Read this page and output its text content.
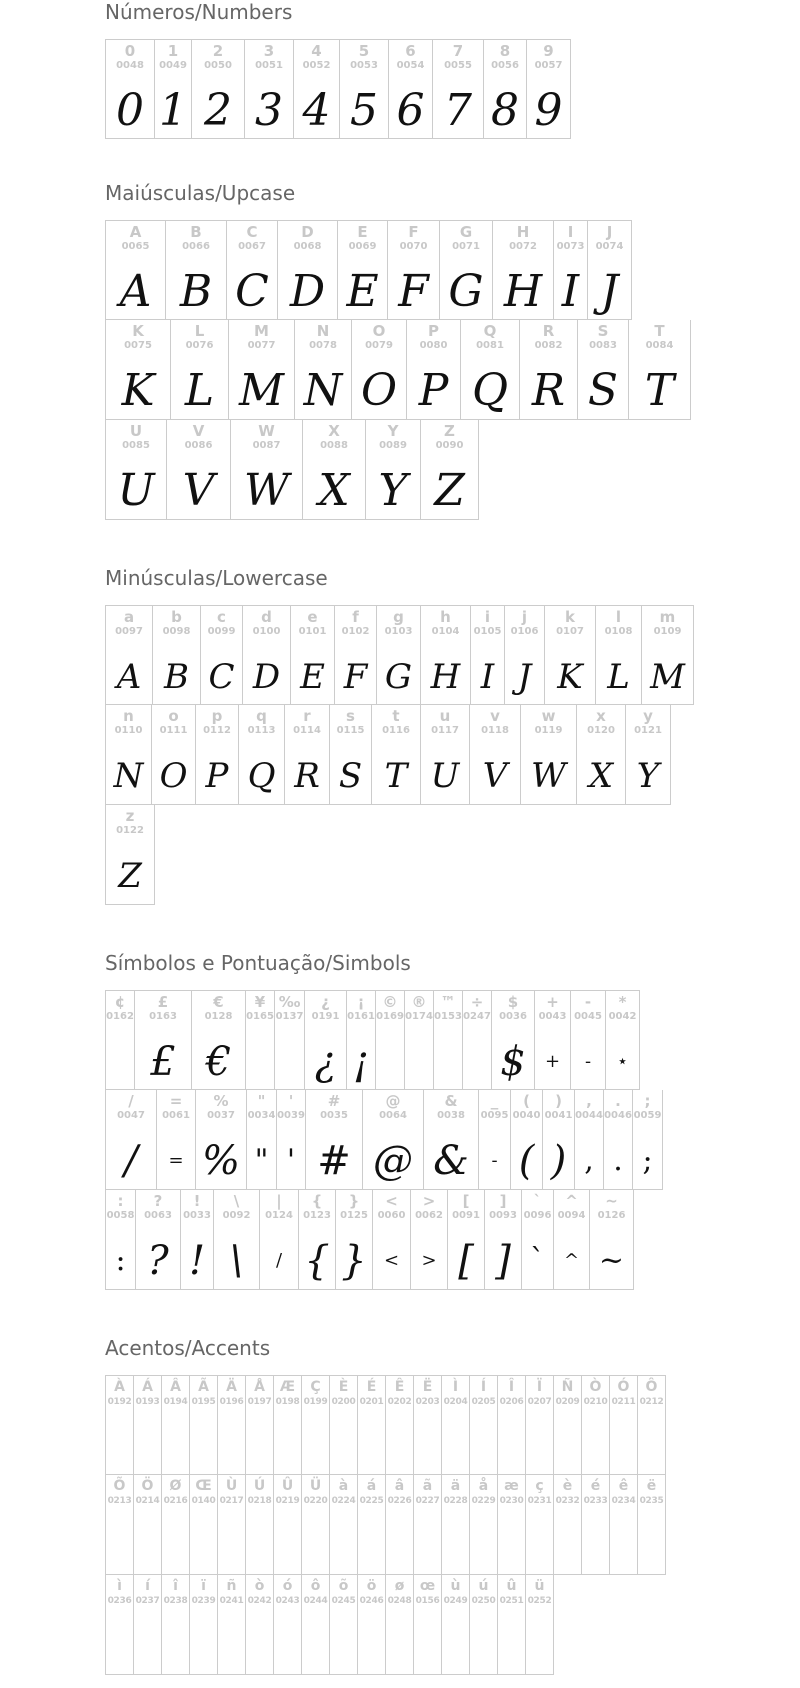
Números/Numbers
0
0048
0
1
0049
1
2
0050
2
3
0051
3
4
0052
4
5
0053
5
6
0054
6
7
0055
7
8
0056
8
9
0057
9
Maiúsculas/Upcase
A
0065
A
B
0066
B
C
0067
C
D
0068
D
E
0069
E
F
0070
F
G
0071
G
H
0072
H
I
0073
I
J
0074
J
K
0075
K
L
0076
L
M
0077
M
N
0078
N
O
0079
O
P
0080
P
Q
0081
Q
R
0082
R
S
0083
S
T
0084
T
U
0085
U
V
0086
V
W
0087
W
X
0088
X
Y
0089
Y
Z
0090
Z
Minúsculas/Lowercase
a
0097
A
b
0098
B
c
0099
C
d
0100
D
e
0101
E
f
0102
F
g
0103
G
h
0104
H
i
0105
I
j
0106
J
k
0107
K
l
0108
L
m
0109
M
n
0110
N
o
0111
O
p
0112
P
q
0113
Q
r
0114
R
s
0115
S
t
0116
T
u
0117
U
v
0118
V
w
0119
W
x
0120
X
y
0121
Y
z
0122
Z
Símbolos e Pontuação/Simbols
¢
0162
£
0163
£
€
0128
€
¥
0165
‰
0137
¿
0191
¿
¡
0161
¡
©
0169
®
0174
™
0153
÷
0247
$
0036
$
+
0043
+
-
0045
-
*
0042
⋆
/
0047
/
=
0061
=
%
0037
%
"
0034
"
'
0039
'
#
0035
#
@
0064
@
&
0038
&
_
0095
-
(
0040
(
)
0041
)
,
0044
,
.
0046
.
;
0059
;
:
0058
:
?
0063
?
!
0033
!
\
0092
\
|
0124
/
{
0123
{
}
0125
}
<
0060
<
>
0062
>
[
0091
[
]
0093
]
`
0096
`
^
0094
^
~
0126
~
Acentos/Accents
À
0192
Á
0193
Â
0194
Ã
0195
Ä
0196
Å
0197
Æ
0198
Ç
0199
È
0200
É
0201
Ê
0202
Ë
0203
Ì
0204
Í
0205
Î
0206
Ï
0207
Ñ
0209
Ò
0210
Ó
0211
Ô
0212
Õ
0213
Ö
0214
Ø
0216
Œ
0140
Ù
0217
Ú
0218
Û
0219
Ü
0220
à
0224
á
0225
â
0226
ã
0227
ä
0228
å
0229
æ
0230
ç
0231
è
0232
é
0233
ê
0234
ë
0235
ì
0236
í
0237
î
0238
ï
0239
ñ
0241
ò
0242
ó
0243
ô
0244
õ
0245
ö
0246
ø
0248
œ
0156
ù
0249
ú
0250
û
0251
ü
0252
